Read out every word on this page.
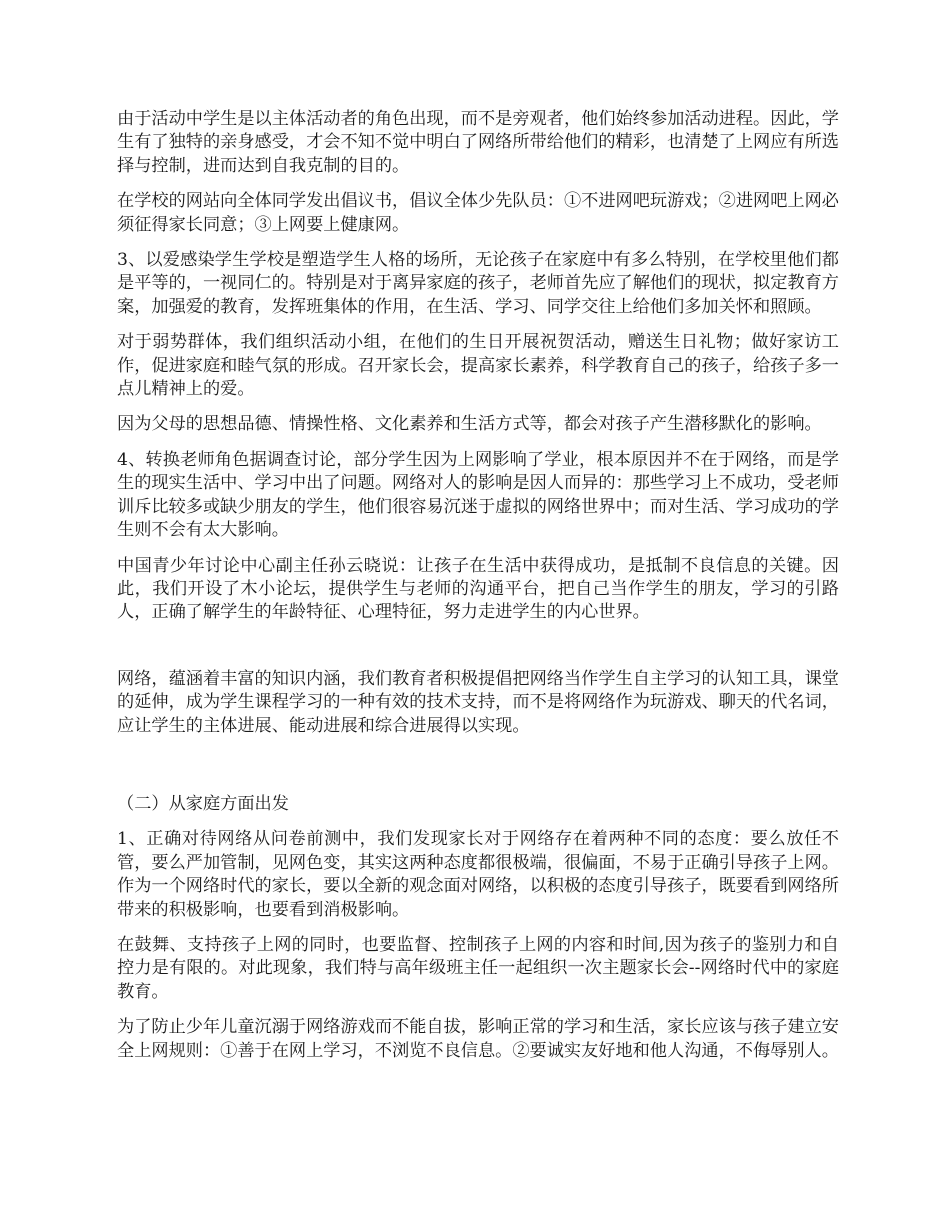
由于活动中学生是以主体活动者的角色出现，而不是旁观者，他们始终参加活动进程。因此，学生有了独特的亲身感受，才会不知不觉中明白了网络所带给他们的精彩，也清楚了上网应有所选择与控制，进而达到自我克制的目的。

在学校的网站向全体同学发出倡议书，倡议全体少先队员：①不进网吧玩游戏；②进网吧上网必须征得家长同意；③上网要上健康网。

3、以爱感染学生学校是塑造学生人格的场所，无论孩子在家庭中有多么特别，在学校里他们都是平等的，一视同仁的。特别是对于离异家庭的孩子，老师首先应了解他们的现状，拟定教育方案，加强爱的教育，发挥班集体的作用，在生活、学习、同学交往上给他们多加关怀和照顾。

对于弱势群体，我们组织活动小组，在他们的生日开展祝贺活动，赠送生日礼物；做好家访工作，促进家庭和睦气氛的形成。召开家长会，提高家长素养，科学教育自己的孩子，给孩子多一点儿精神上的爱。

因为父母的思想品德、情操性格、文化素养和生活方式等，都会对孩子产生潜移默化的影响。

4、转换老师角色据调查讨论，部分学生因为上网影响了学业，根本原因并不在于网络，而是学生的现实生活中、学习中出了问题。网络对人的影响是因人而异的：那些学习上不成功，受老师训斥比较多或缺少朋友的学生，他们很容易沉迷于虚拟的网络世界中；而对生活、学习成功的学生则不会有太大影响。

中国青少年讨论中心副主任孙云晓说：让孩子在生活中获得成功，是抵制不良信息的关键。因此，我们开设了木小论坛，提供学生与老师的沟通平台，把自己当作学生的朋友，学习的引路人，正确了解学生的年龄特征、心理特征，努力走进学生的内心世界。

网络，蕴涵着丰富的知识内涵，我们教育者积极提倡把网络当作学生自主学习的认知工具，课堂的延伸，成为学生课程学习的一种有效的技术支持，而不是将网络作为玩游戏、聊天的代名词，应让学生的主体进展、能动进展和综合进展得以实现。

（二）从家庭方面出发

1、正确对待网络从问卷前测中，我们发现家长对于网络存在着两种不同的态度：要么放任不管，要么严加管制，见网色变，其实这两种态度都很极端，很偏面，不易于正确引导孩子上网。作为一个网络时代的家长，要以全新的观念面对网络，以积极的态度引导孩子，既要看到网络所带来的积极影响，也要看到消极影响。

在鼓舞、支持孩子上网的同时，也要监督、控制孩子上网的内容和时间,因为孩子的鉴别力和自控力是有限的。对此现象，我们特与高年级班主任一起组织一次主题家长会--网络时代中的家庭教育。

为了防止少年儿童沉溺于网络游戏而不能自拔，影响正常的学习和生活，家长应该与孩子建立安全上网规则：①善于在网上学习，不浏览不良信息。②要诚实友好地和他人沟通，不侮辱别人。
